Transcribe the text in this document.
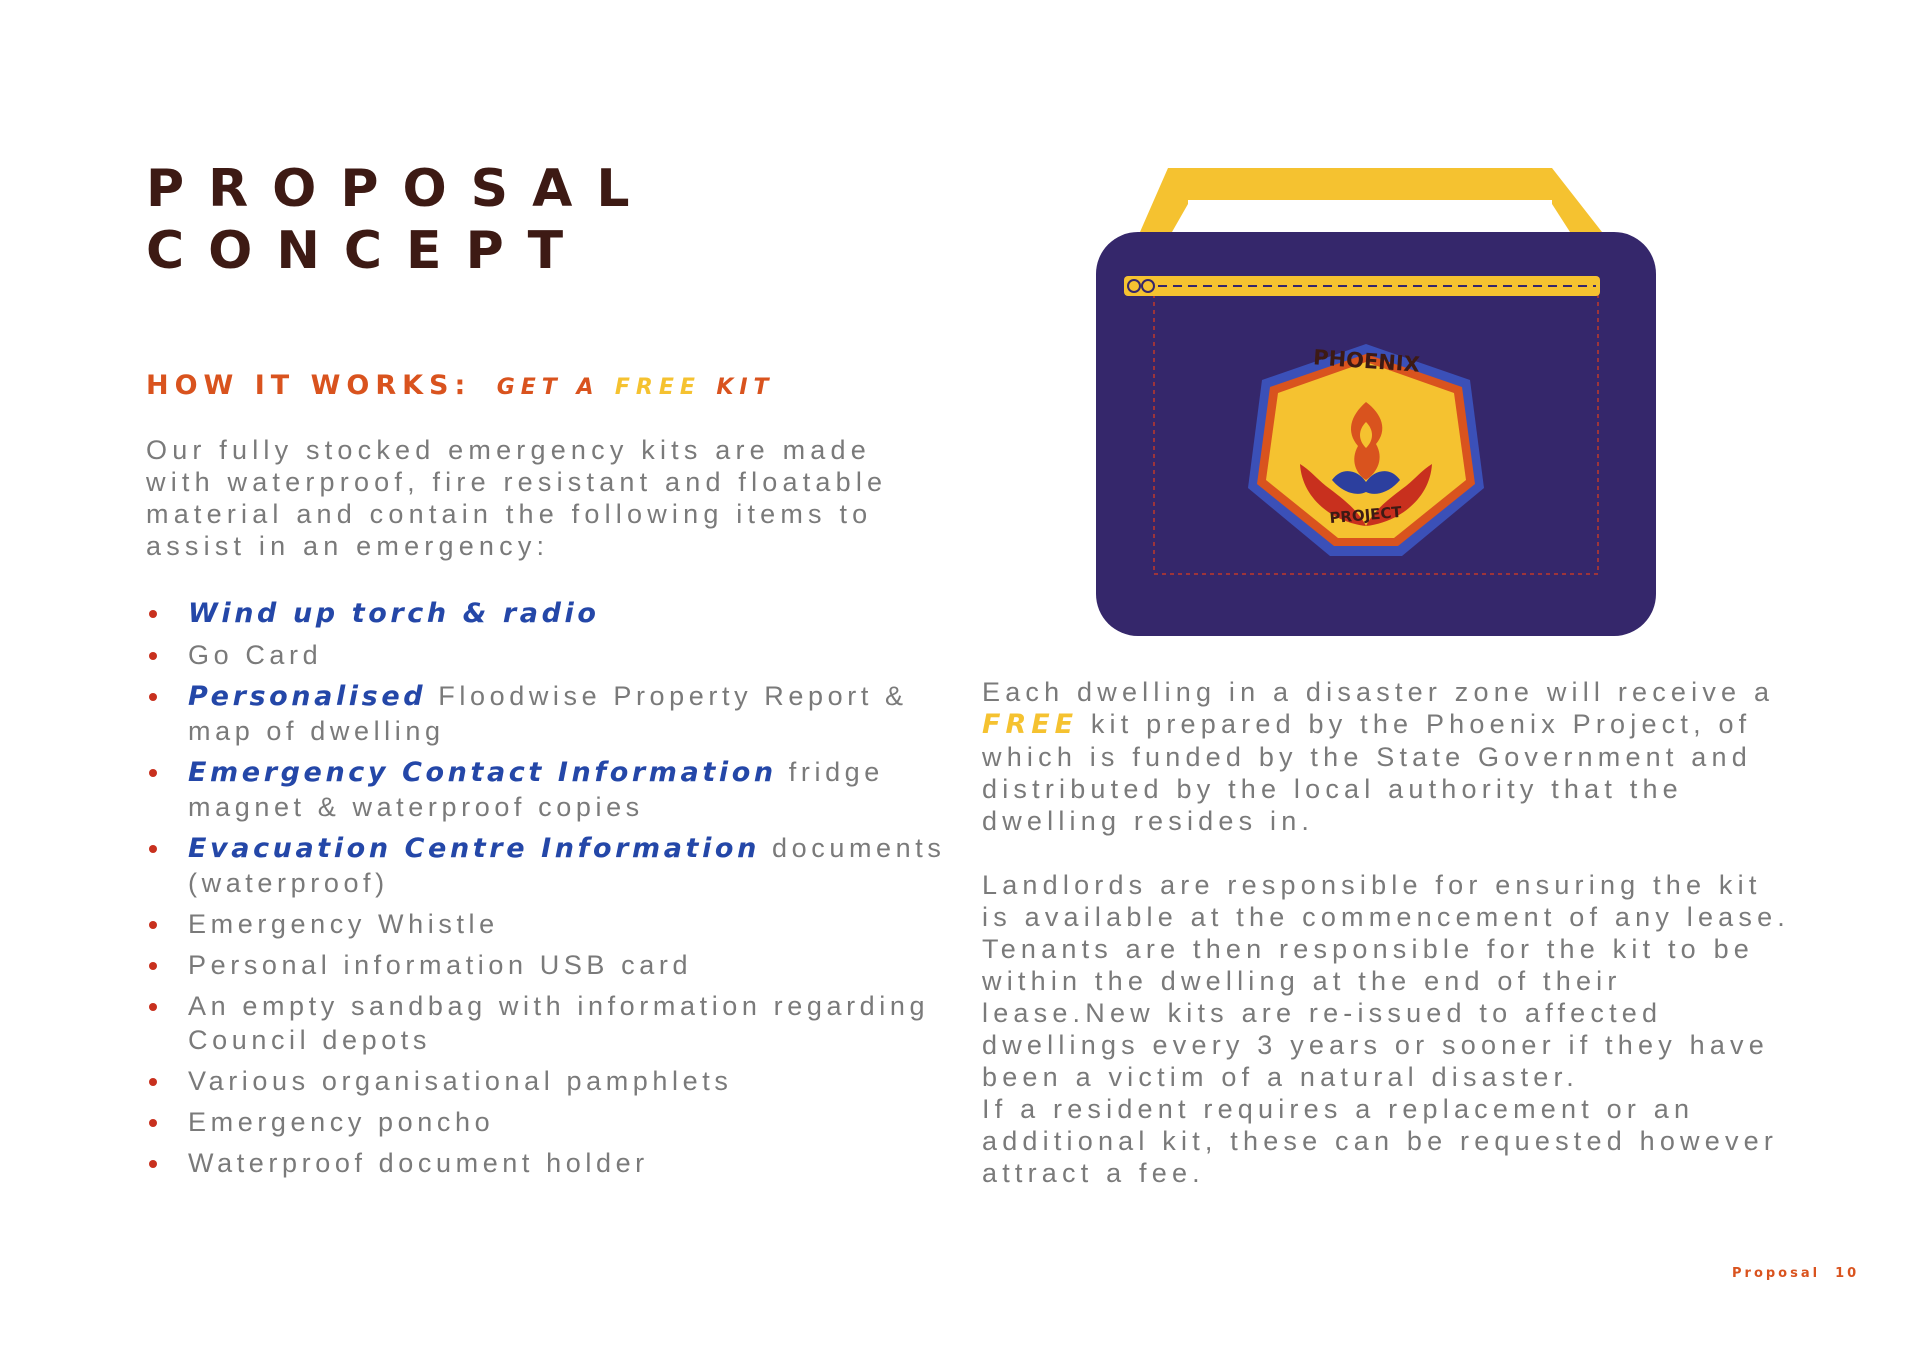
PROPOSAL
CONCEPT
HOW IT WORKS: GET A FREE KIT

Our fully stocked emergency kits are made with waterproof, fire resistant and floatable material and contain the following items to assist in an emergency:

Wind up torch & radio
Go Card
Personalised Floodwise Property Report & map of dwelling
Emergency Contact Information fridge magnet & waterproof copies
Evacuation Centre Information documents (waterproof)
Emergency Whistle
Personal information USB card
An empty sandbag with information regarding Council depots
Various organisational pamphlets
Emergency poncho
Waterproof document holder
PHOENIX
PROJECT

Each dwelling in a disaster zone will receive a FREE kit prepared by the Phoenix Project, of which is funded by the State Government and distributed by the local authority that the dwelling resides in.

Landlords are responsible for ensuring the kit is available at the commencement of any lease. Tenants are then responsible for the kit to be within the dwelling at the end of their lease.New kits are re-issued to affected dwellings every 3 years or sooner if they have been a victim of a natural disaster.
If a resident requires a replacement or an additional kit, these can be requested however attract a fee.

Proposal 10
